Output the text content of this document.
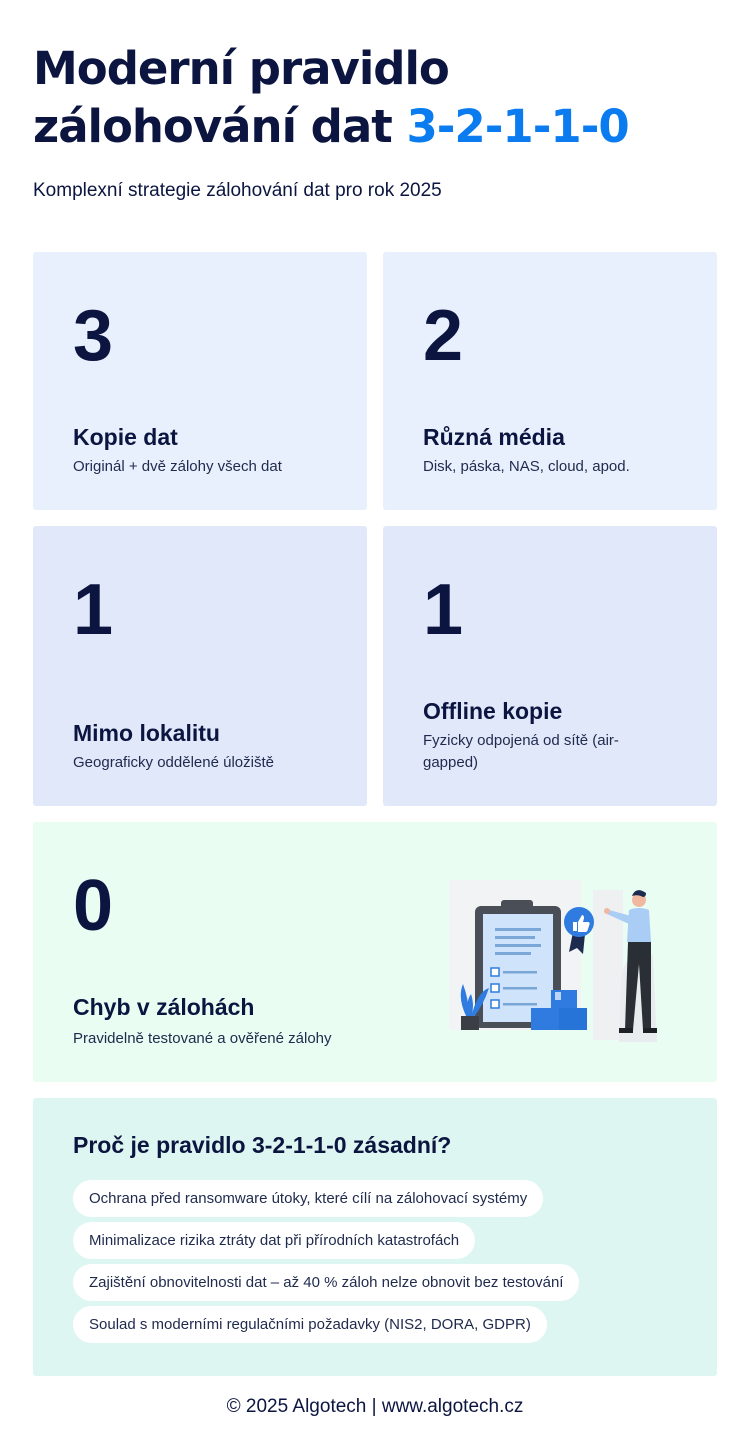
Moderní pravidlo
zálohování dat 3-2-1-1-0
Komplexní strategie zálohování dat pro rok 2025
3
Kopie dat
Originál + dvě zálohy všech dat
2
Různá média
Disk, páska, NAS, cloud, apod.
1
Mimo lokalitu
Geograficky oddělené úložiště
1
Offline kopie
Fyzicky odpojená od sítě (air-gapped)
0
Chyb v zálohách
Pravidelně testované a ověřené zálohy
Proč je pravidlo 3-2-1-1-0 zásadní?
Ochrana před ransomware útoky, které cílí na zálohovací systémy
Minimalizace rizika ztráty dat při přírodních katastrofách
Zajištění obnovitelnosti dat – až 40 % záloh nelze obnovit bez testování
Soulad s moderními regulačními požadavky (NIS2, DORA, GDPR)
© 2025 Algotech | www.algotech.cz
